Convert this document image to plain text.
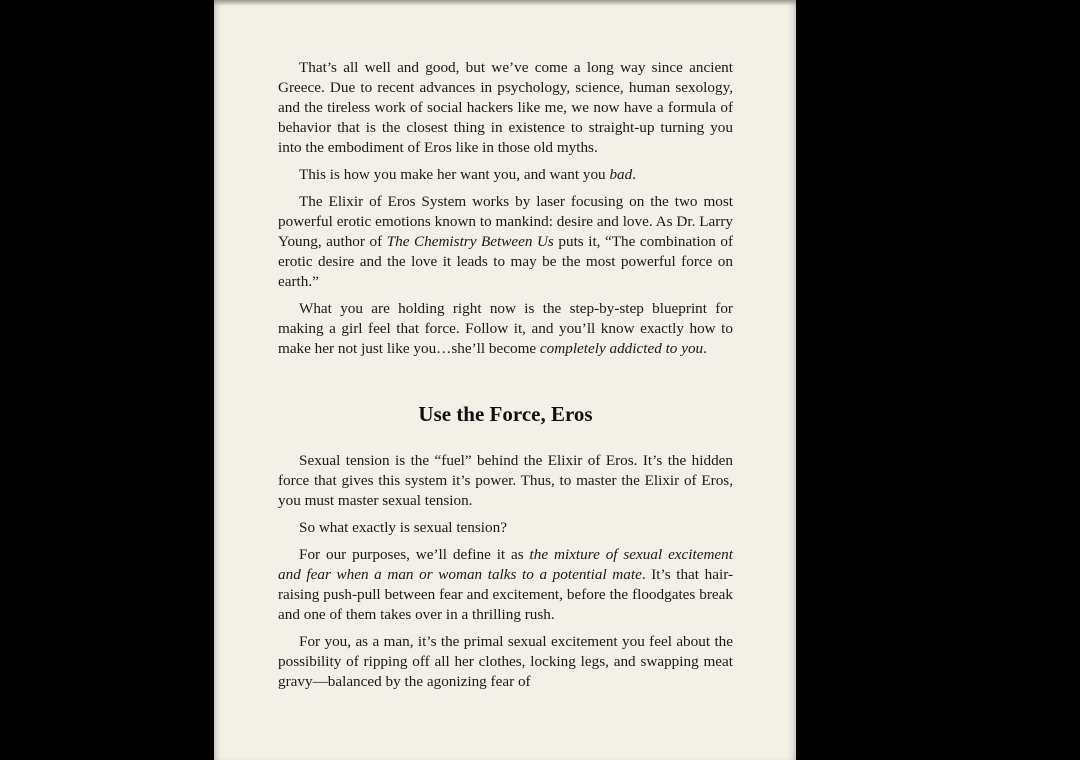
That’s all well and good, but we’ve come a long way since ancient Greece. Due to recent advances in psychology, science, human sexology, and the tireless work of social hackers like me, we now have a formula of behavior that is the closest thing in existence to straight-up turning you into the embodiment of Eros like in those old myths.

This is how you make her want you, and want you bad.

The Elixir of Eros System works by laser focusing on the two most powerful erotic emotions known to mankind: desire and love. As Dr. Larry Young, author of The Chemistry Between Us puts it, “The combination of erotic desire and the love it leads to may be the most powerful force on earth.”

What you are holding right now is the step-by-step blueprint for making a girl feel that force. Follow it, and you’ll know exactly how to make her not just like you…she’ll become completely addicted to you.

Use the Force, Eros

Sexual tension is the “fuel” behind the Elixir of Eros. It’s the hidden force that gives this system it’s power. Thus, to master the Elixir of Eros, you must master sexual tension.

So what exactly is sexual tension?

For our purposes, we’ll define it as the mixture of sexual excitement and fear when a man or woman talks to a potential mate. It’s that hair-raising push-pull between fear and excitement, before the floodgates break and one of them takes over in a thrilling rush.

For you, as a man, it’s the primal sexual excitement you feel about the possibility of ripping off all her clothes, locking legs, and swapping meat gravy—balanced by the agonizing fear of
